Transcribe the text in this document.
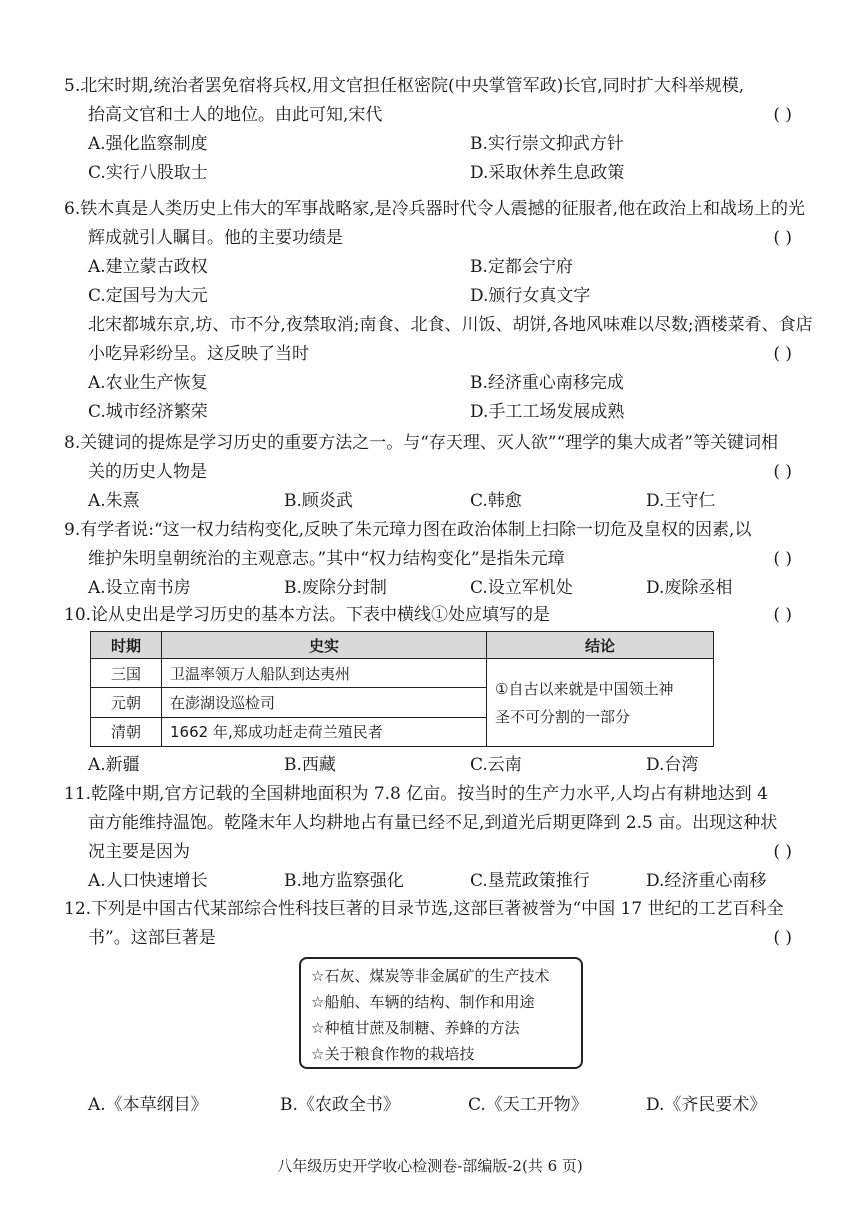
5.北宋时期,统治者罢免宿将兵权,用文官担任枢密院(中央掌管军政)长官,同时扩大科举规模,
抬高文官和士人的地位。由此可知,宋代	( )
A.强化监察制度	B.实行崇文抑武方针
C.实行八股取士	D.采取休养生息政策
6.铁木真是人类历史上伟大的军事战略家,是冷兵器时代令人震撼的征服者,他在政治上和战场上的光
辉成就引人瞩目。他的主要功绩是	( )
A.建立蒙古政权	B.定都会宁府
C.定国号为大元	D.颁行女真文字
北宋都城东京,坊、市不分,夜禁取消;南食、北食、川饭、胡饼,各地风味难以尽数;酒楼菜肴、食店
小吃异彩纷呈。这反映了当时	( )
A.农业生产恢复	B.经济重心南移完成
C.城市经济繁荣	D.手工工场发展成熟
8.关键词的提炼是学习历史的重要方法之一。与“存天理、灭人欲”“理学的集大成者”等关键词相
关的历史人物是	( )
A.朱熹	B.顾炎武	C.韩愈	D.王守仁
9.有学者说:“这一权力结构变化,反映了朱元璋力图在政治体制上扫除一切危及皇权的因素,以
维护朱明皇朝统治的主观意志。”其中“权力结构变化”是指朱元璋	( )
A.设立南书房	B.废除分封制	C.设立军机处	D.废除丞相
10.论从史出是学习历史的基本方法。下表中横线①处应填写的是	( )
时期	史实	结论
三国	卫温率领万人船队到达夷州	①自古以来就是中国领土神
圣不可分割的一部分
元朝	在澎湖设巡检司	
清朝	1662 年,郑成功赶走荷兰殖民者	
A.新疆	B.西藏	C.云南	D.台湾
11.乾隆中期,官方记载的全国耕地面积为 7.8 亿亩。按当时的生产力水平,人均占有耕地达到 4
亩方能维持温饱。乾隆末年人均耕地占有量已经不足,到道光后期更降到 2.5 亩。出现这种状
况主要是因为	( )
A.人口快速增长	B.地方监察强化	C.垦荒政策推行	D.经济重心南移
12.下列是中国古代某部综合性科技巨著的目录节选,这部巨著被誉为“中国 17 世纪的工艺百科全
书”。这部巨著是	( )
☆石灰、煤炭等非金属矿的生产技术
☆船舶、车辆的结构、制作和用途
☆种植甘蔗及制糖、养蜂的方法
☆关于粮食作物的栽培技
A.《本草纲目》	B.《农政全书》	C.《天工开物》	D.《齐民要术》
八年级历史开学收心检测卷-部编版-2(共 6 页)
